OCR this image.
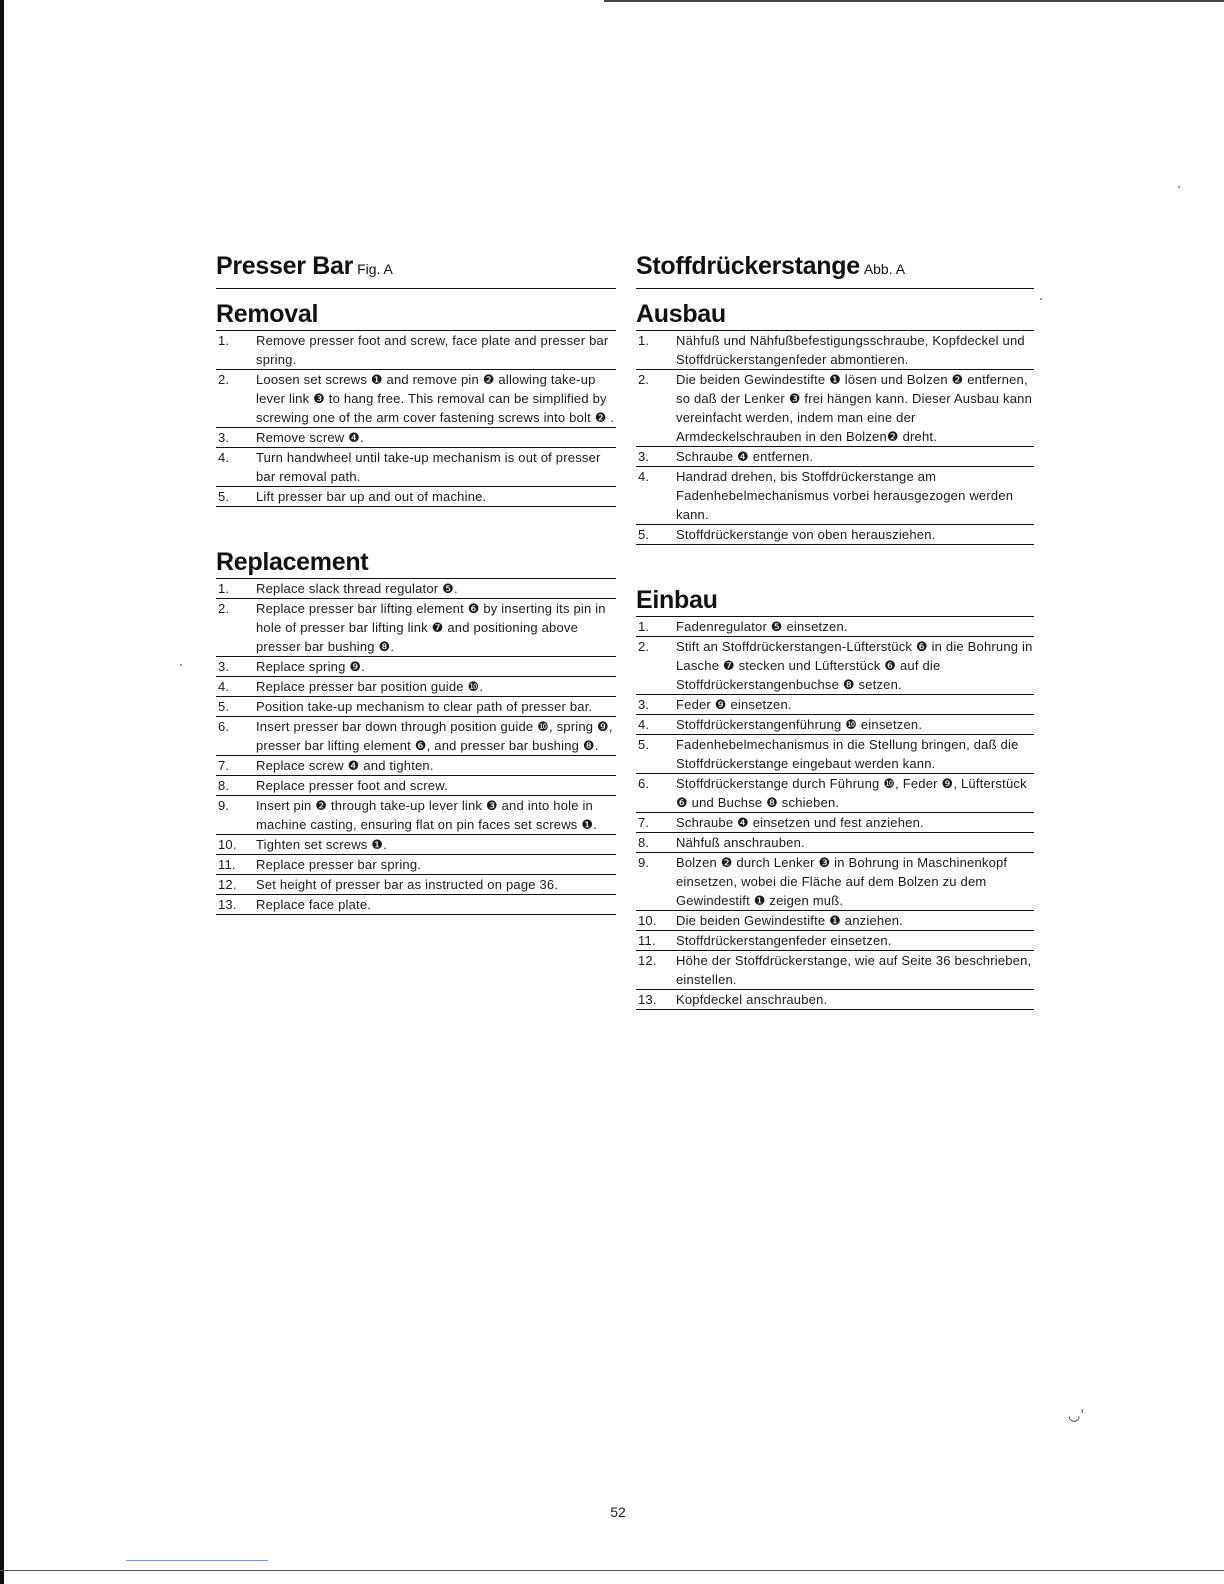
◡ˈ
Presser Bar Fig. A
Removal
1. Remove presser foot and screw, face plate and presser bar spring.
2. Loosen set screws ❶ and remove pin ❷ allowing take-up lever link ❸ to hang free. This removal can be simplified by screwing one of the arm cover fastening screws into bolt ❷ .
3. Remove screw ❹.
4. Turn handwheel until take-up mechanism is out of presser bar removal path.
5. Lift presser bar up and out of machine.
Replacement
1. Replace slack thread regulator ❺.
2. Replace presser bar lifting element ❻ by inserting its pin in hole of presser bar lifting link ❼ and positioning above presser bar bushing ❽.
3. Replace spring ❾.
4. Replace presser bar position guide ❿.
5. Position take-up mechanism to clear path of presser bar.
6. Insert presser bar down through position guide ❿, spring ❾, presser bar lifting element ❻, and presser bar bushing ❽.
7. Replace screw ❹ and tighten.
8. Replace presser foot and screw.
9. Insert pin ❷ through take-up lever link ❸ and into hole in machine casting, ensuring flat on pin faces set screws ❶.
10. Tighten set screws ❶.
11. Replace presser bar spring.
12. Set height of presser bar as instructed on page 36.
13. Replace face plate.
Stoffdrückerstange Abb. A
Ausbau
1. Nähfuß und Nähfußbefestigungsschraube, Kopfdeckel und Stoffdrückerstangenfeder abmontieren.
2. Die beiden Gewindestifte ❶ lösen und Bolzen ❷ entfernen, so daß der Lenker ❸ frei hängen kann. Dieser Ausbau kann vereinfacht werden, indem man eine der Armdeckelschrauben in den Bolzen❷ dreht.
3. Schraube ❹ entfernen.
4. Handrad drehen, bis Stoffdrückerstange am Fadenhebelmechanismus vorbei herausgezogen werden kann.
5. Stoffdrückerstange von oben herausziehen.
Einbau
1. Fadenregulator ❺ einsetzen.
2. Stift an Stoffdrückerstangen-Lüfterstück ❻ in die Bohrung in Lasche ❼ stecken und Lüfterstück ❻ auf die Stoffdrückerstangenbuchse ❽ setzen.
3. Feder ❾ einsetzen.
4. Stoffdrückerstangenführung ❿ einsetzen.
5. Fadenhebelmechanismus in die Stellung bringen, daß die Stoffdrückerstange eingebaut werden kann.
6. Stoffdrückerstange durch Führung ❿, Feder ❾, Lüfterstück ❻ und Buchse ❽ schieben.
7. Schraube ❹ einsetzen und fest anziehen.
8. Nähfuß anschrauben.
9. Bolzen ❷ durch Lenker ❸ in Bohrung in Maschinenkopf einsetzen, wobei die Fläche auf dem Bolzen zu dem Gewindestift ❶ zeigen muß.
10. Die beiden Gewindestifte ❶ anziehen.
11. Stoffdrückerstangenfeder einsetzen.
12. Höhe der Stoffdrückerstange, wie auf Seite 36 beschrieben, einstellen.
13. Kopfdeckel anschrauben.
52
